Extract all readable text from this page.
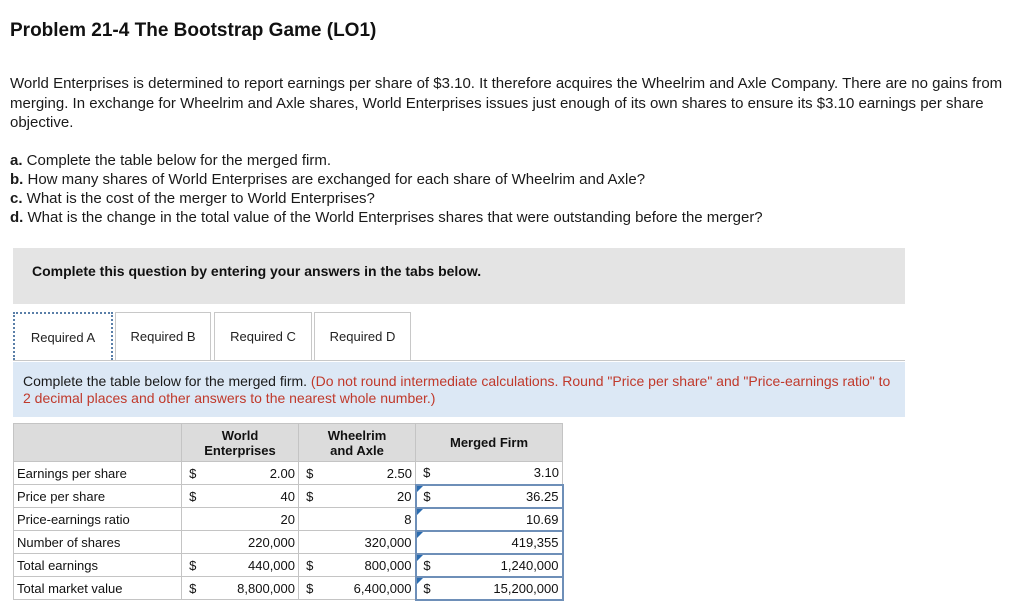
Problem 21-4 The Bootstrap Game (LO1)
World Enterprises is determined to report earnings per share of $3.10. It therefore acquires the Wheelrim and Axle Company. There are no gains from merging. In exchange for Wheelrim and Axle shares, World Enterprises issues just enough of its own shares to ensure its $3.10 earnings per share objective.
a. Complete the table below for the merged firm.
b. How many shares of World Enterprises are exchanged for each share of Wheelrim and Axle?
c. What is the cost of the merger to World Enterprises?
d. What is the change in the total value of the World Enterprises shares that were outstanding before the merger?
Complete this question by entering your answers in the tabs below.
Required A	Required B	Required C	Required D

Complete the table below for the merged firm. (Do not round intermediate calculations. Round "Price per share" and "Price-earnings ratio" to 2 decimal places and other answers to the nearest whole number.)

	World
Enterprises		Wheelrim
and Axle		Merged Firm	
Earnings per share	$	2.00	$	2.50	$	3.10
Price per share	$	40	$	20	$	36.25
Price-earnings ratio		20		8		10.69
Number of shares		220,000		320,000		419,355
Total earnings	$	440,000	$	800,000	$	1,240,000
Total market value	$	8,800,000	$	6,400,000	$	15,200,000
